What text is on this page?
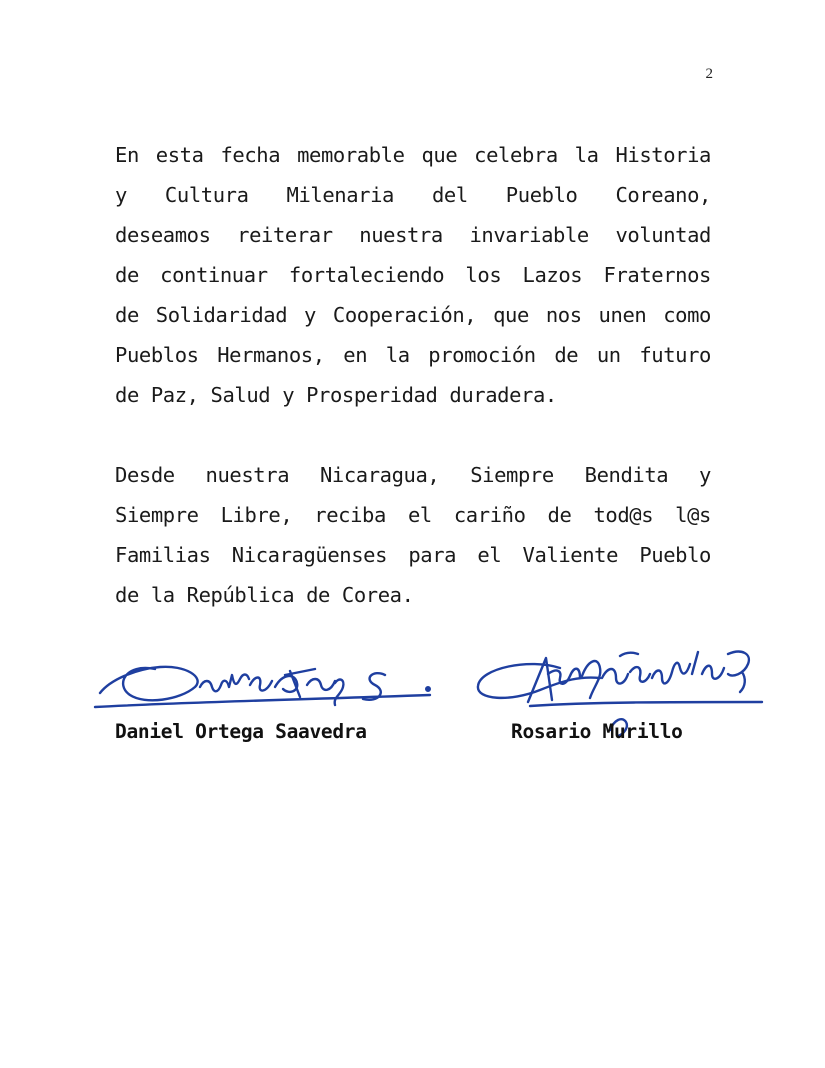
2
En esta fecha memorable que celebra la Historia
y Cultura Milenaria del Pueblo Coreano,
deseamos reiterar nuestra invariable voluntad
de continuar fortaleciendo los Lazos Fraternos
de Solidaridad y Cooperación, que nos unen como
Pueblos Hermanos, en la promoción de un futuro
de Paz, Salud y Prosperidad duradera.
Desde nuestra Nicaragua, Siempre Bendita y
Siempre Libre, reciba el cariño de tod@s l@s
Familias Nicaragüenses para el Valiente Pueblo
de la República de Corea.
Daniel Ortega Saavedra	Rosario Murillo
